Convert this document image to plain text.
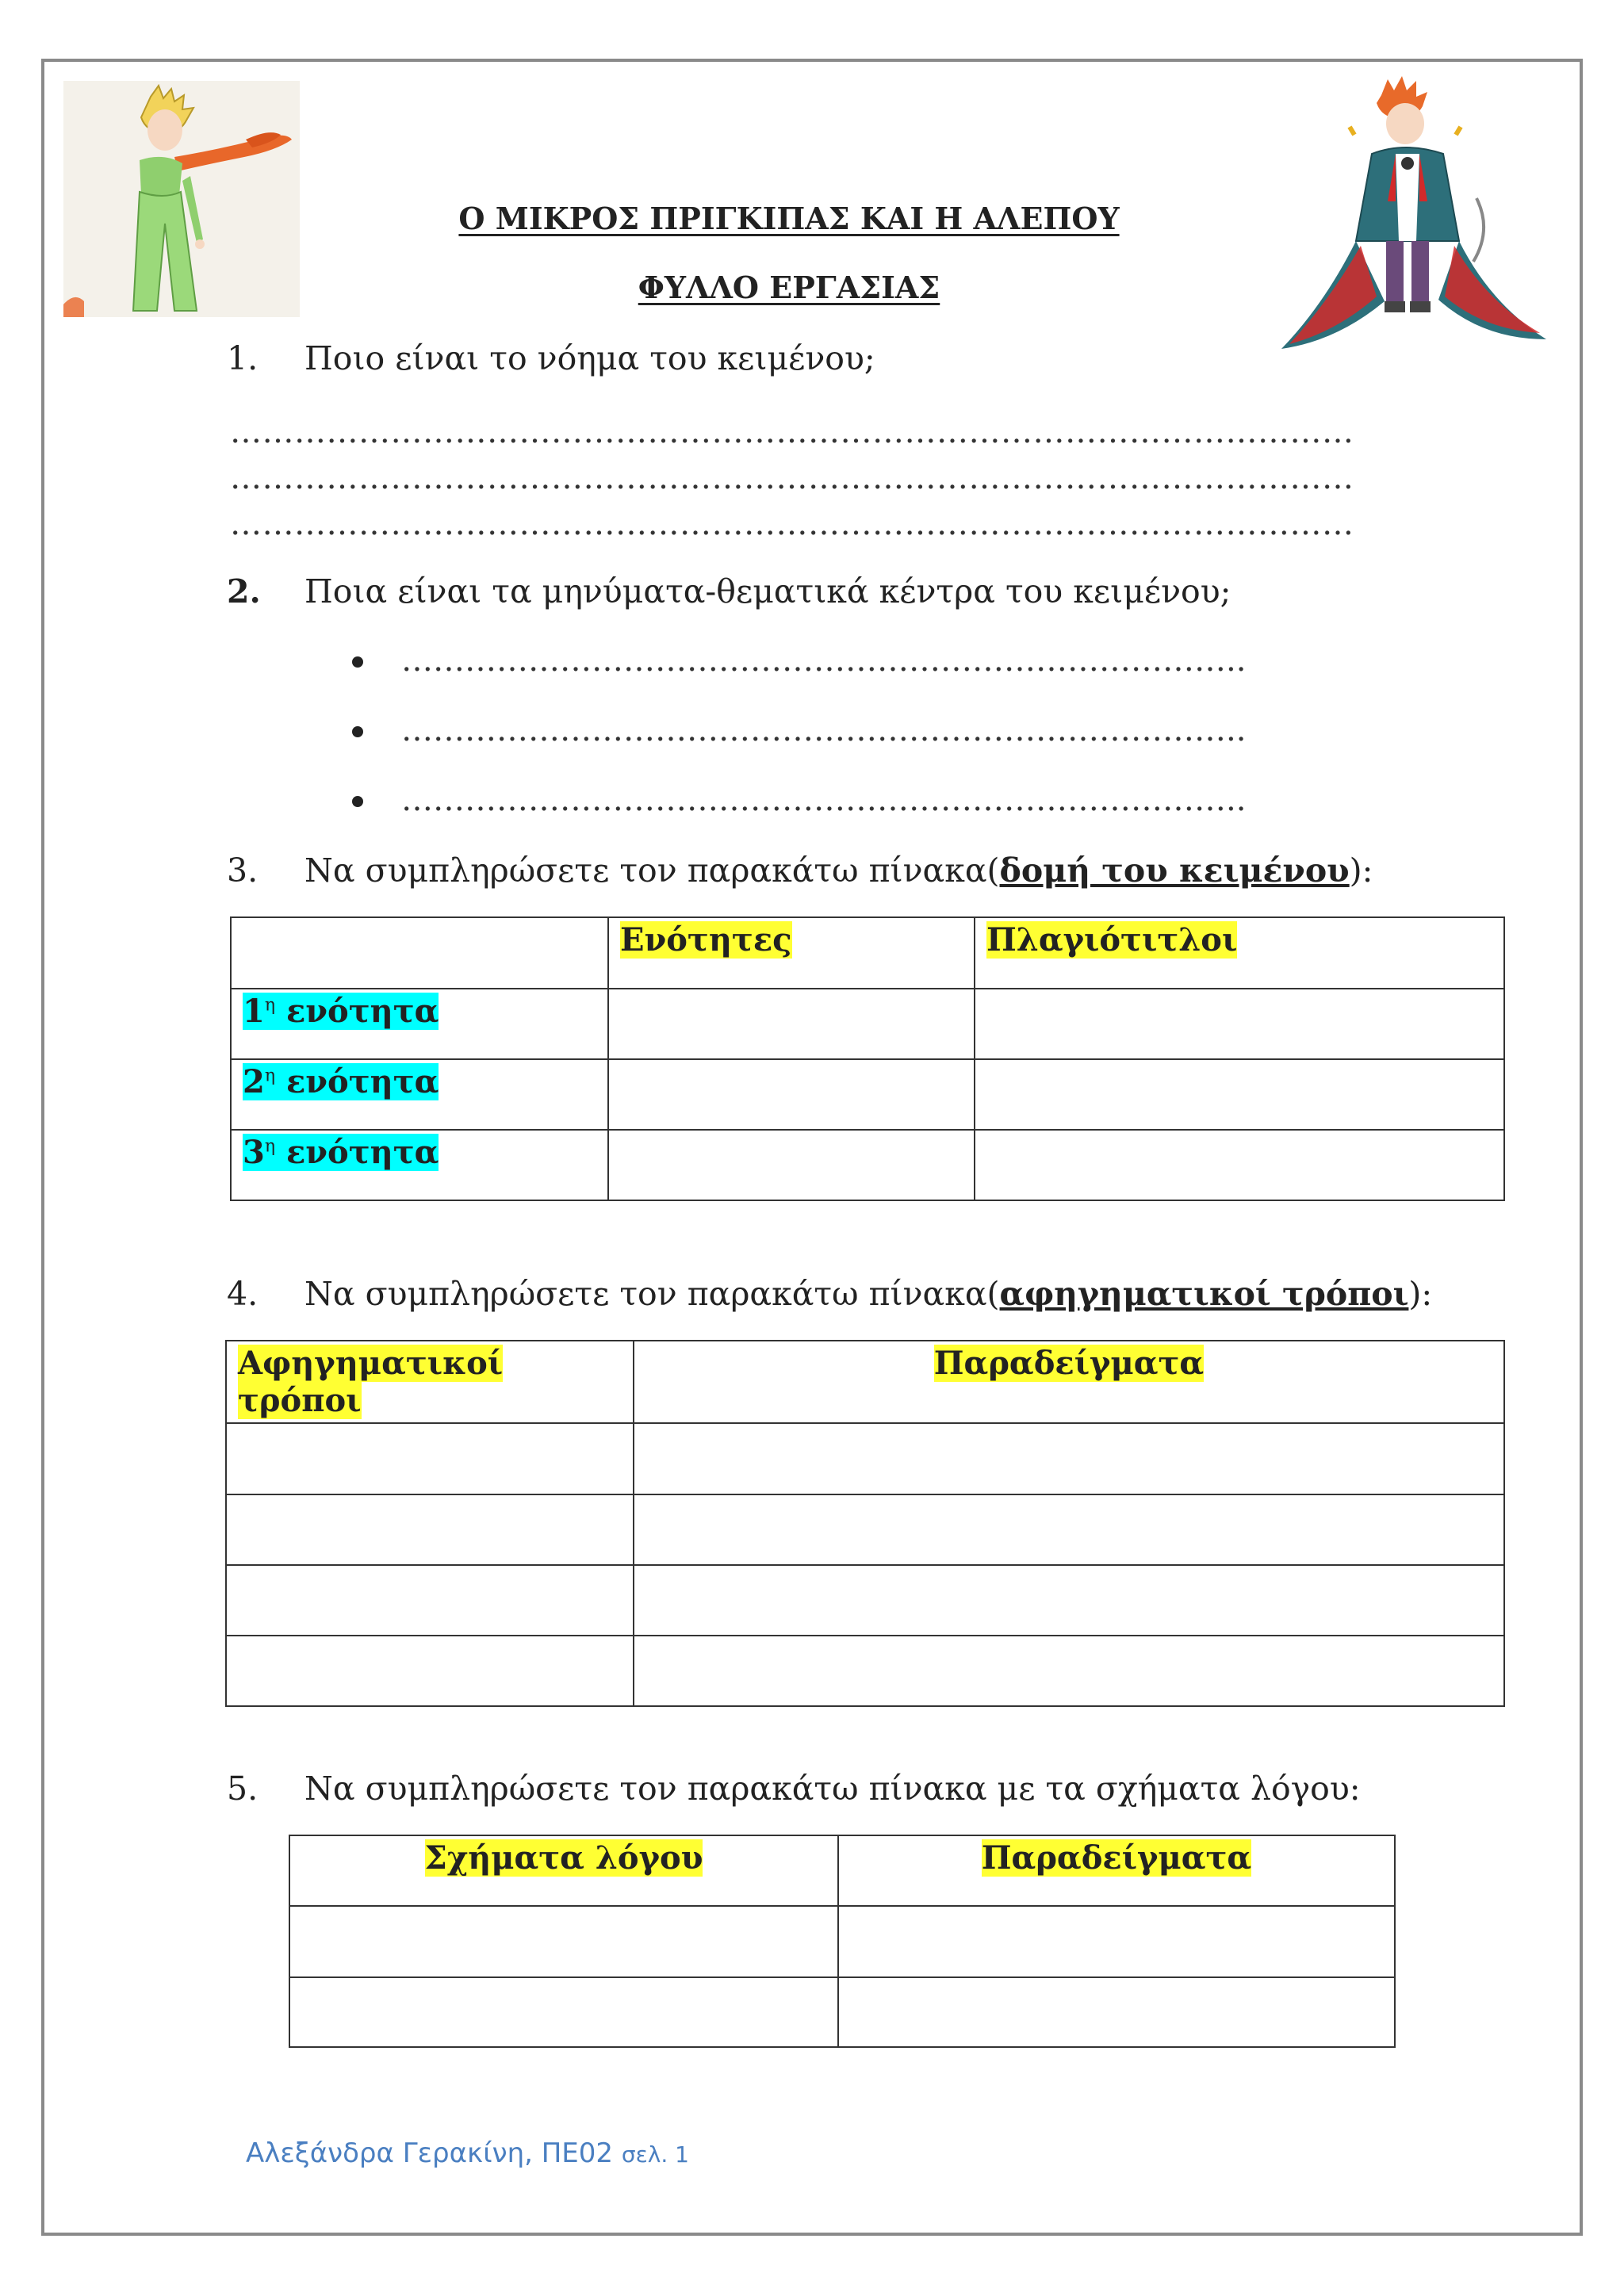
Ο ΜΙΚΡΟΣ ΠΡΙΓΚΙΠΑΣ ΚΑΙ Η ΑΛΕΠΟΥ
ΦΥΛΛΟ ΕΡΓΑΣΙΑΣ
1. Ποιο είναι το νόημα του κειμένου;
……………………………………………………………………………………………
……………………………………………………………………………………………
……………………………………………………………………………………………
2. Ποια είναι τα μηνύματα-θεματικά κέντρα του κειμένου;
……………………………………………………………………..
……………………………………………………………………..
……………………………………………………………………..
3. Να συμπληρώσετε τον παρακάτω πίνακα(δομή του κειμένου):

	Ενότητες	Πλαγιότιτλοι

$1^\eta$ ενότητα		

$2^\eta$ ενότητα		

$3^\eta$ ενότητα		

4. Να συμπληρώσετε τον παρακάτω πίνακα(αφηγηματικοί τρόποι):
Αφηγηματικοί τρόποι	Παραδείγματα

5. Να συμπληρώσετε τον παρακάτω πίνακα με τα σχήματα λόγου:
Σχήματα λόγου	Παραδείγματα

Αλεξάνδρα Γερακίνη, ΠΕ02 σελ. 1
